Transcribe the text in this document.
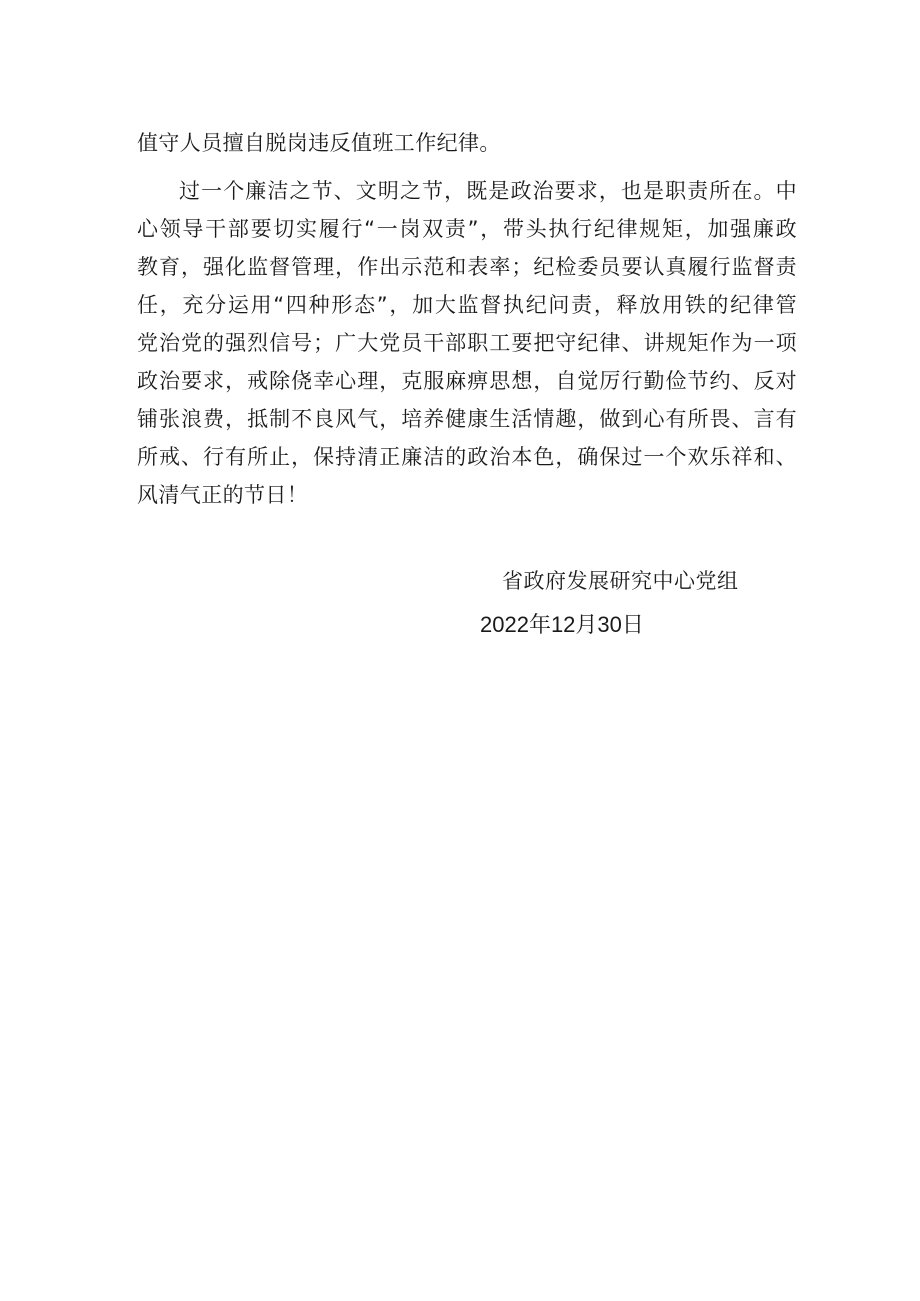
值守人员擅自脱岗违反值班工作纪律。
过一个廉洁之节、文明之节，既是政治要求，也是职责所在。中
心领导干部要切实履行“一岗双责”，带头执行纪律规矩，加强廉政
教育，强化监督管理，作出示范和表率；纪检委员要认真履行监督责
任，充分运用“四种形态”，加大监督执纪问责，释放用铁的纪律管
党治党的强烈信号；广大党员干部职工要把守纪律、讲规矩作为一项
政治要求，戒除侥幸心理，克服麻痹思想，自觉厉行勤俭节约、反对
铺张浪费，抵制不良风气，培养健康生活情趣，做到心有所畏、言有
所戒、行有所止，保持清正廉洁的政治本色，确保过一个欢乐祥和、
风清气正的节日！
省政府发展研究中心党组
2022年12月30日
